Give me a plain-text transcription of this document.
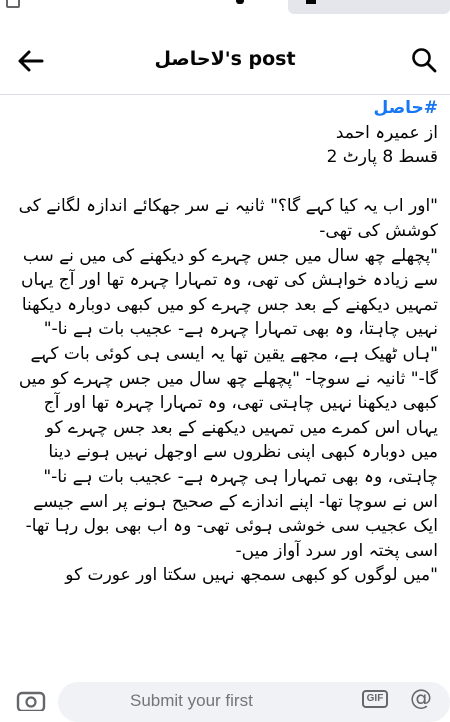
لاحاصل's post

#حاصل

از عمیرہ احمد

قسط 8 پارٹ 2

"اور اب یہ کیا کہے گا؟" ثانیہ نے سر جھکائے اندازہ لگانے کی کوشش کی تھی-

"پچھلے چھ سال میں جس چہرے کو دیکھنے کی میں نے سب سے زیادہ خواہش کی تھی، وہ تمہارا چہرہ تھا اور آج یہاں تمہیں دیکھنے کے بعد جس چہرے کو میں کبھی دوبارہ دیکھنا نہیں چاہتا، وہ بھی تمہارا چہرہ ہے- عجیب بات ہے نا-"

"ہاں ٹھیک ہے، مجھے یقین تھا یہ ایسی ہی کوئی بات کہے گا-" ثانیہ نے سوچا- "پچھلے چھ سال میں جس چہرے کو میں کبھی دیکھنا نہیں چاہتی تھی، وہ تمہارا چہرہ تھا اور آج یہاں اس کمرے میں تمہیں دیکھنے کے بعد جس چہرے کو میں دوبارہ کبھی اپنی نظروں سے اوجھل نہیں ہونے دینا چاہتی، وہ بھی تمہارا ہی چہرہ ہے- عجیب بات ہے نا-"

اس نے سوچا تھا- اپنے اندازے کے صحیح ہونے پر اسے جیسے ایک عجیب سی خوشی ہوئی تھی- وہ اب بھی بول رہا تھا- اسی پختہ اور سرد آواز میں-

"میں لوگوں کو کبھی سمجھ نہیں سکتا اور عورت کو

Submit your first
GIF @
